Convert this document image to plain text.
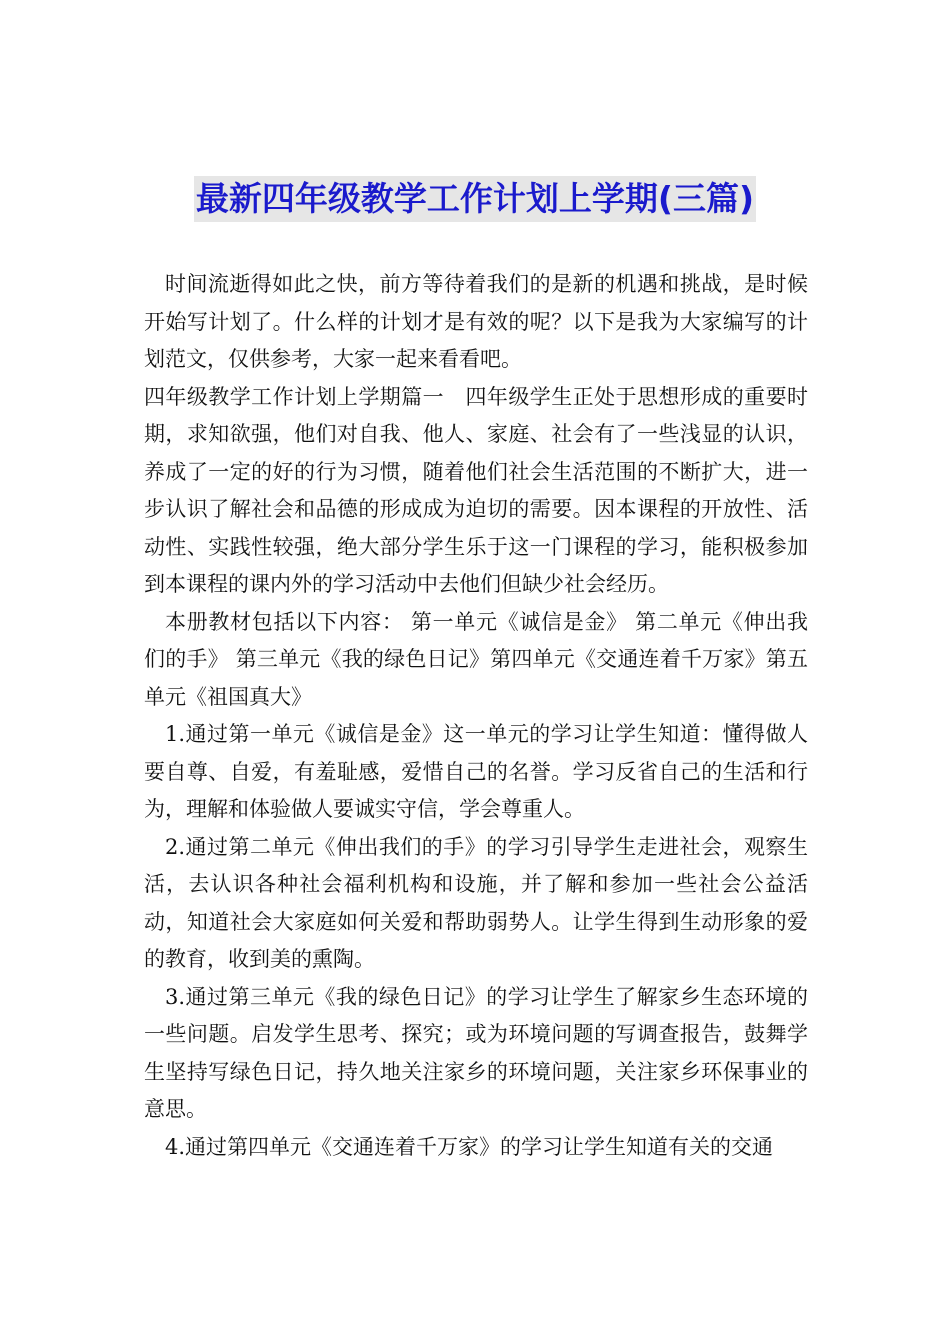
最新四年级教学工作计划上学期(三篇)

时间流逝得如此之快，前方等待着我们的是新的机遇和挑战，是时候开始写计划了。什么样的计划才是有效的呢？以下是我为大家编写的计划范文，仅供参考，大家一起来看看吧。

四年级教学工作计划上学期篇一　四年级学生正处于思想形成的重要时期，求知欲强，他们对自我、他人、家庭、社会有了一些浅显的认识，养成了一定的好的行为习惯，随着他们社会生活范围的不断扩大，进一步认识了解社会和品德的形成成为迫切的需要。因本课程的开放性、活动性、实践性较强，绝大部分学生乐于这一门课程的学习，能积极参加到本课程的课内外的学习活动中去他们但缺少社会经历。

本册教材包括以下内容： 第一单元《诚信是金》 第二单元《伸出我们的手》 第三单元《我的绿色日记》第四单元《交通连着千万家》第五单元《祖国真大》

1.通过第一单元《诚信是金》这一单元的学习让学生知道：懂得做人要自尊、自爱，有羞耻感，爱惜自己的名誉。学习反省自己的生活和行为，理解和体验做人要诚实守信，学会尊重人。

2.通过第二单元《伸出我们的手》的学习引导学生走进社会，观察生活，去认识各种社会福利机构和设施，并了解和参加一些社会公益活动，知道社会大家庭如何关爱和帮助弱势人。让学生得到生动形象的爱的教育，收到美的熏陶。

3.通过第三单元《我的绿色日记》的学习让学生了解家乡生态环境的一些问题。启发学生思考、探究；或为环境问题的写调查报告，鼓舞学生坚持写绿色日记，持久地关注家乡的环境问题，关注家乡环保事业的意思。

4.通过第四单元《交通连着千万家》的学习让学生知道有关的交通
